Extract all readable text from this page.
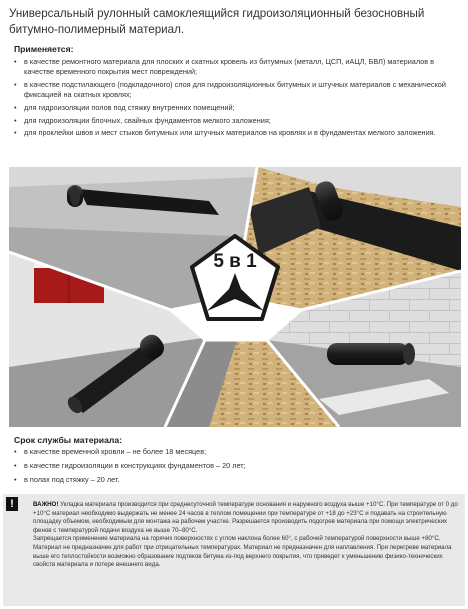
Универсальный рулонный самоклеящийся гидроизоляционный безосновный битумно-полимерный материал.
Применяется:
• в качестве ремонтного материала для плоских и скатных кровель из битумных (металл, ЦСП, иАЦЛ, БВЛ) материалов в качестве временного покрытия мест повреждений;
• в качестве подстилающего (подкладочного) слоя для гидроизоляционных битумных и штучных материалов с механической фиксацией на скатных кровлях;
• для гидроизоляции полов под стяжку внутренних помещений;
• для гидроизоляции блочных, свайных фундаментов мелкого заложения;
• для проклейки швов и мест стыков битумных или штучных материалов на кровлях и в фундаментах мелкого заложения.
5 в 1
Срок службы материала:
• в качестве временной кровли – не более 18 месяцев;
• в качестве гидроизоляции в конструкциях фундаментов – 20 лет;
• в полах под стяжку – 20 лет.
!	ВАЖНО! Укладка материала производится при среднесуточной температуре основания и наружного воздуха выше +10°С. При температуре от 0 до +10°С материал необходимо выдержать не менее 24 часов в теплом помещении при температуре от +18 до +23°С и подавать на строительную площадку объемом, необходимым для монтажа на рабочем участке. Разрешается производить подогрев материала при помощи электрических фенов с температурой подачи воздуха не выше 70–80°С.
Запрещается применение материала на горячих поверхностях с углом наклона более 60°, с рабочей температурой поверхности выше +80°С.
Материал не предназначен для работ при отрицательных температурах. Материал не предназначен для наплавления. При перегреве материала выше его теплостойкости возможно образование подтеков битума из-под верхнего покрытия, что приведет к уменьшению физико-технических свойств материала и потере внешнего вида.
